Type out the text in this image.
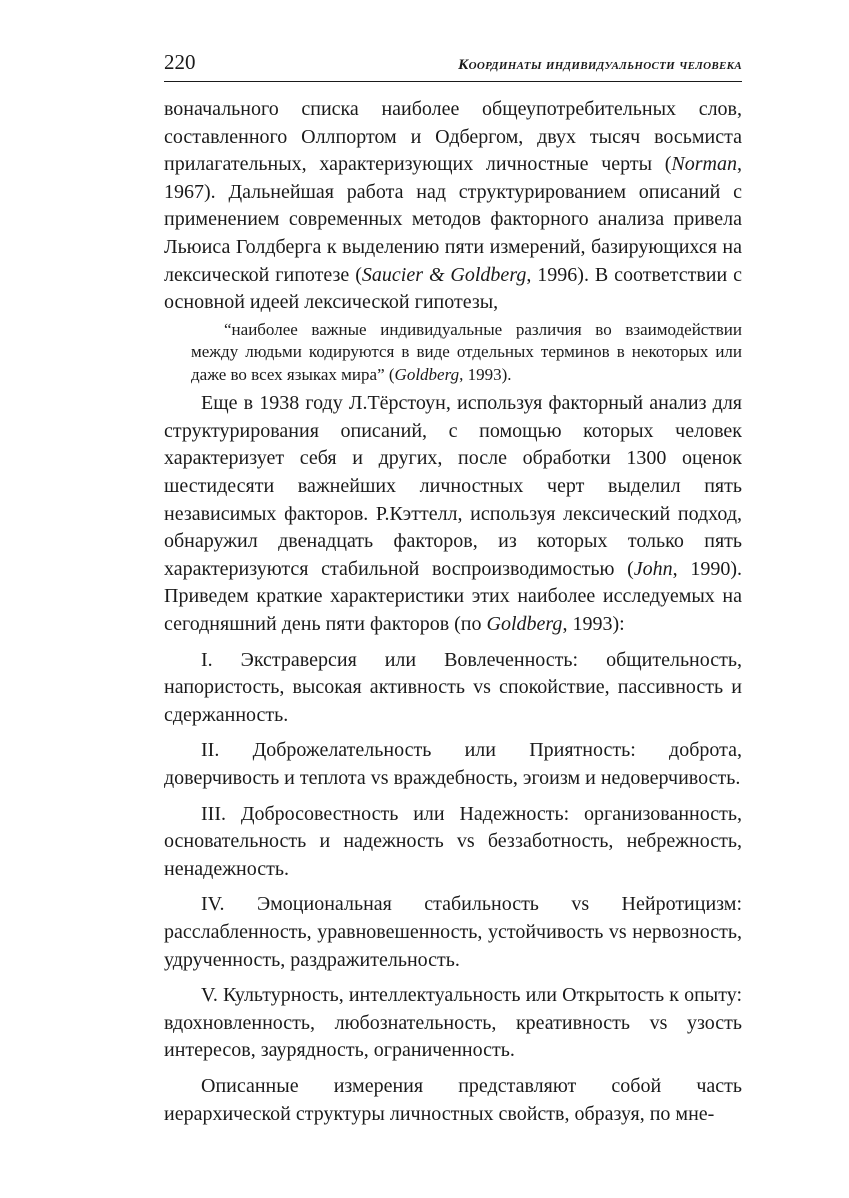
220	Координаты индивидуальности человека

воначального списка наиболее общеупотребительных слов, составленного Оллпортом и Одбергом, двух тысяч восьмиста прилагательных, характеризующих личностные черты (Norman, 1967). Дальнейшая работа над структурированием описаний с применением современных методов факторного анализа привела Льюиса Голдберга к выделению пяти измерений, базирующихся на лексической гипотезе (Saucier & Goldberg, 1996). В соответствии с основной идеей лексической гипотезы,

“наиболее важные индивидуальные различия во взаимодействии между людьми кодируются в виде отдельных терминов в некоторых или даже во всех языках мира” (Goldberg, 1993).

Еще в 1938 году Л.Тёрстоун, используя факторный анализ для структурирования описаний, с помощью которых человек характеризует себя и других, после обработки 1300 оценок шестидесяти важнейших личностных черт выделил пять независимых факторов. Р.Кэттелл, используя лексический подход, обнаружил двенадцать факторов, из которых только пять характеризуются стабильной воспроизводимостью (John, 1990). Приведем краткие характеристики этих наиболее исследуемых на сегодняшний день пяти факторов (по Goldberg, 1993):

I. Экстраверсия или Вовлеченность: общительность, напористость, высокая активность vs спокойствие, пассивность и сдержанность.

II. Доброжелательность или Приятность: доброта, доверчивость и теплота vs враждебность, эгоизм и недоверчивость.

III. Добросовестность или Надежность: организованность, основательность и надежность vs беззаботность, небрежность, ненадежность.

IV. Эмоциональная стабильность vs Нейротицизм: расслабленность, уравновешенность, устойчивость vs нервозность, удрученность, раздражительность.

V. Культурность, интеллектуальность или Открытость к опыту: вдохновленность, любознательность, креативность vs узость интересов, заурядность, ограниченность.

Описанные измерения представляют собой часть иерархической структуры личностных свойств, образуя, по мне-
